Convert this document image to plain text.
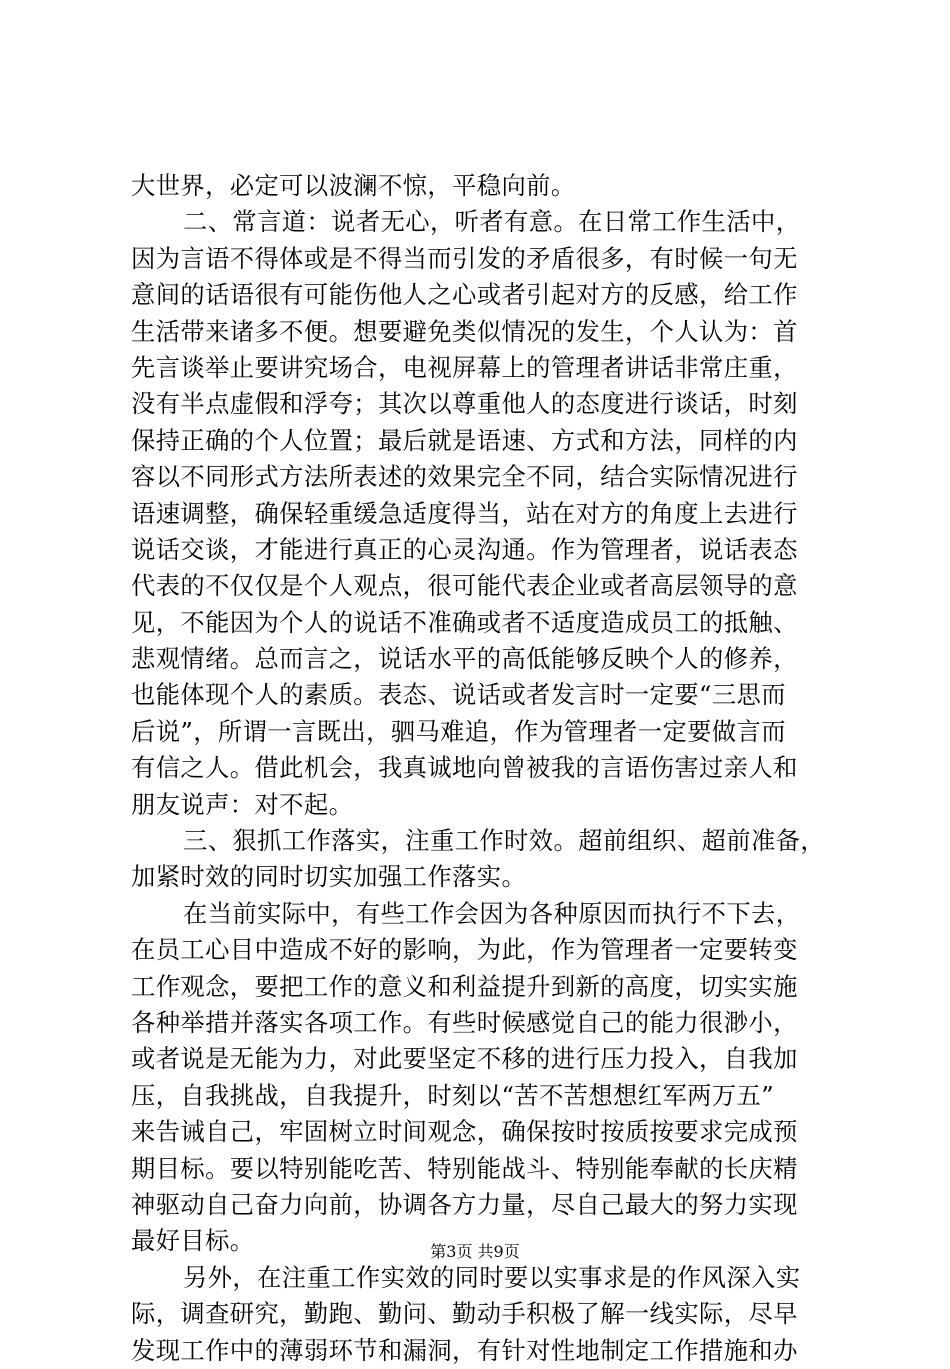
大世界，必定可以波澜不惊，平稳向前。
二、常言道：说者无心，听者有意。在日常工作生活中，
因为言语不得体或是不得当而引发的矛盾很多，有时候一句无
意间的话语很有可能伤他人之心或者引起对方的反感，给工作
生活带来诸多不便。想要避免类似情况的发生，个人认为：首
先言谈举止要讲究场合，电视屏幕上的管理者讲话非常庄重，
没有半点虚假和浮夸；其次以尊重他人的态度进行谈话，时刻
保持正确的个人位置；最后就是语速、方式和方法，同样的内
容以不同形式方法所表述的效果完全不同，结合实际情况进行
语速调整，确保轻重缓急适度得当，站在对方的角度上去进行
说话交谈，才能进行真正的心灵沟通。作为管理者，说话表态
代表的不仅仅是个人观点，很可能代表企业或者高层领导的意
见，不能因为个人的说话不准确或者不适度造成员工的抵触、
悲观情绪。总而言之，说话水平的高低能够反映个人的修养，
也能体现个人的素质。表态、说话或者发言时一定要“三思而
后说”，所谓一言既出，驷马难追，作为管理者一定要做言而
有信之人。借此机会，我真诚地向曾被我的言语伤害过亲人和
朋友说声：对不起。
三、狠抓工作落实，注重工作时效。超前组织、超前准备，
加紧时效的同时切实加强工作落实。
在当前实际中，有些工作会因为各种原因而执行不下去，
在员工心目中造成不好的影响，为此，作为管理者一定要转变
工作观念，要把工作的意义和利益提升到新的高度，切实实施
各种举措并落实各项工作。有些时候感觉自己的能力很渺小，
或者说是无能为力，对此要坚定不移的进行压力投入，自我加
压，自我挑战，自我提升，时刻以“苦不苦想想红军两万五”
来告诫自己，牢固树立时间观念，确保按时按质按要求完成预
期目标。要以特别能吃苦、特别能战斗、特别能奉献的长庆精
神驱动自己奋力向前，协调各方力量，尽自己最大的努力实现
最好目标。
另外，在注重工作实效的同时要以实事求是的作风深入实
际，调查研究，勤跑、勤问、勤动手积极了解一线实际，尽早
发现工作中的薄弱环节和漏洞，有针对性地制定工作措施和办
第3页 共9页
